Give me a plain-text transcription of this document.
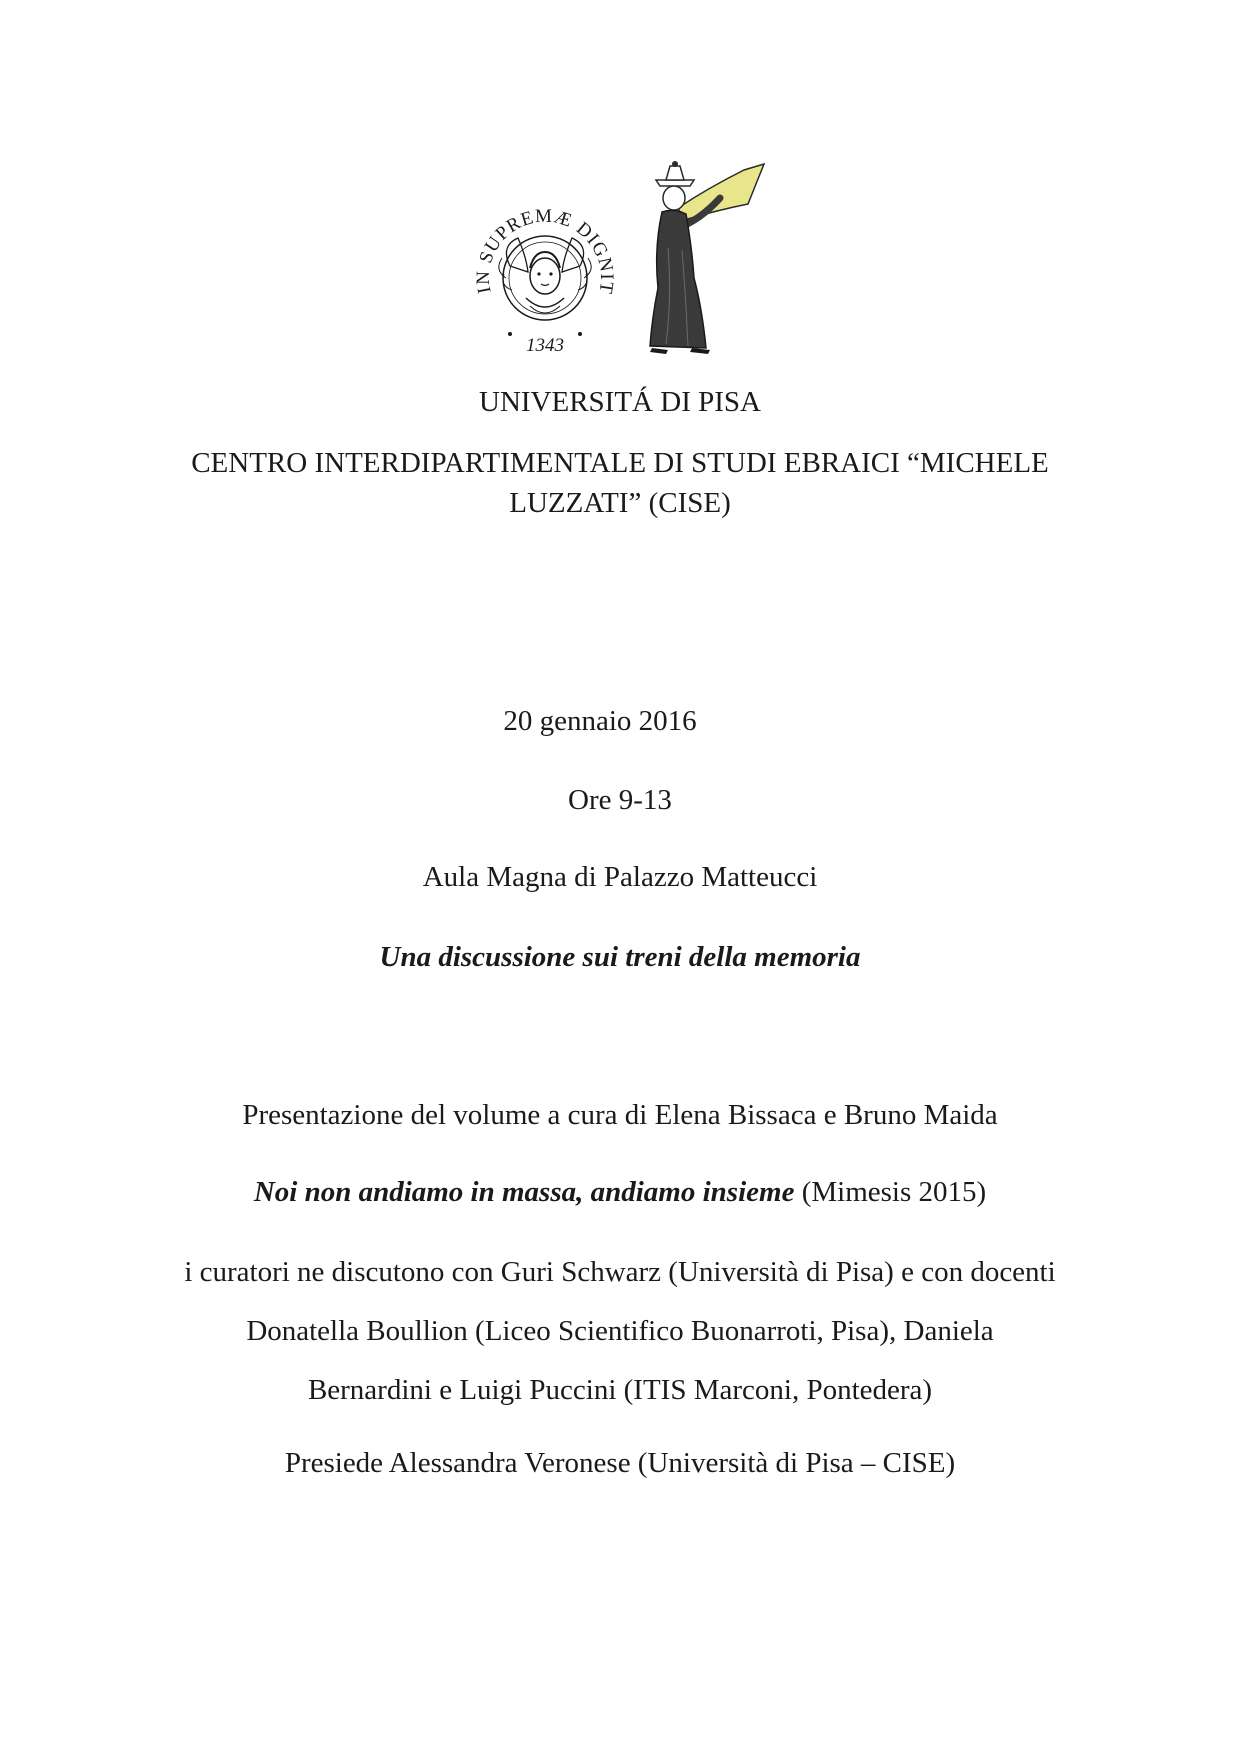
IN SUPREMÆ DIGNIT
1343
UNIVERSITÁ DI PISA
CENTRO INTERDIPARTIMENTALE DI STUDI EBRAICI “MICHELE
LUZZATI” (CISE)
20 gennaio 2016
Ore 9-13
Aula Magna di Palazzo Matteucci
Una discussione sui treni della memoria
Presentazione del volume a cura di Elena Bissaca e Bruno Maida
Noi non andiamo in massa, andiamo insieme (Mimesis 2015)
i curatori ne discutono con Guri Schwarz (Università di Pisa) e con docenti
Donatella Boullion (Liceo Scientifico Buonarroti, Pisa), Daniela
Bernardini e Luigi Puccini (ITIS Marconi, Pontedera)
Presiede Alessandra Veronese (Università di Pisa – CISE)
